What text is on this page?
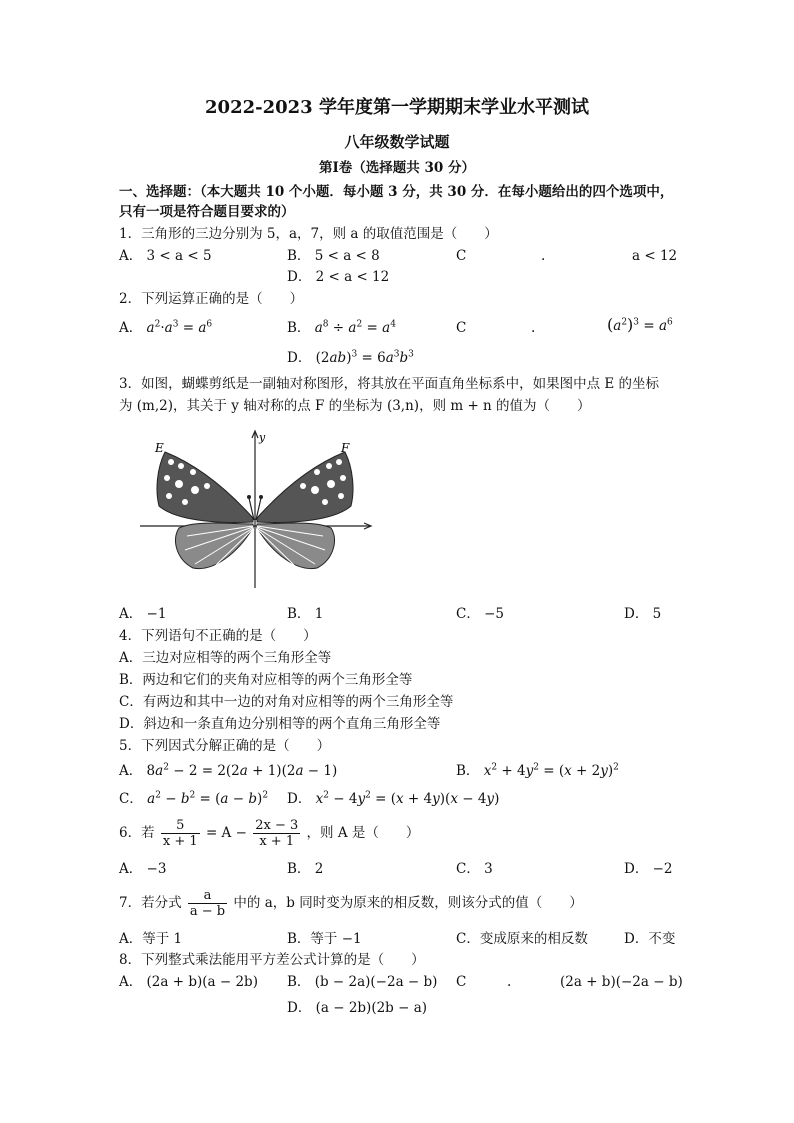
2022-2023 学年度第一学期期末学业水平测试
八年级数学试题
第Ⅰ卷（选择题共 30 分）
一、选择题：（本大题共 10 个小题．每小题 3 分，共 30 分．在每小题给出的四个选项中，
只有一项是符合题目要求的）
1．三角形的三边分别为 5，a，7，则 a 的取值范围是（　　）
A． 3 < a < 5	B． 5 < a < 8	C	.	a < 12
D． 2 < a < 12
2．下列运算正确的是（　　）
A． $a^2\cdot a^3 = a^6$	B． $a^8 \div a^2 = a^4$	C	.	$(a^2)^3 = a^6$
D． $(2ab)^3 = 6a^3b^3$
3．如图，蝴蝶剪纸是一副轴对称图形，将其放在平面直角坐标系中，如果图中点 E 的坐标
为 (m,2)，其关于 y 轴对称的点 F 的坐标为 (3,n)，则 m + n 的值为（　　）
y
E	F
A． −1	B． 1	C． −5	D． 5
4．下列语句不正确的是（　　）
A．三边对应相等的两个三角形全等
B．两边和它们的夹角对应相等的两个三角形全等
C．有两边和其中一边的对角对应相等的两个三角形全等
D．斜边和一条直角边分别相等的两个直角三角形全等
5．下列因式分解正确的是（　　）
A． $8a^2 - 2 = 2(2a + 1)(2a - 1)$	B． $x^2 + 4y^2 = (x + 2y)^2$
C． $a^2 - b^2 = (a - b)^2$ D． $x^2 - 4y^2 = (x + 4y)(x - 4y)$
6．若 $\frac{5}{x + 1} = A - \frac{2x - 3}{x + 1}$ ，则 A 是（　　）
A． −3	B． 2	C． 3	D． −2
7．若分式 $\frac{a}{a - b}$ 中的 a，b 同时变为原来的相反数，则该分式的值（　　）
A．等于 1	B．等于 −1	C．变成原来的相反数	D．不变
8．下列整式乘法能用平方差公式计算的是（　　）
A． (2a + b)(a − 2b) B． (b − 2a)(−2a − b) C	.	(2a + b)(−2a − b)
D． (a − 2b)(2b − a)
